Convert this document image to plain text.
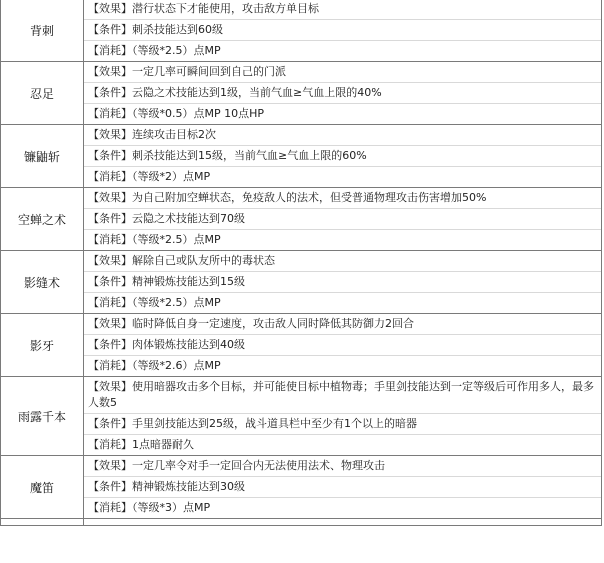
背刺	【效果】潜行状态下才能使用，攻击敌方单目标
【条件】刺杀技能达到60级
【消耗】（等级*2.5）点MP

忍足	【效果】一定几率可瞬间回到自己的门派
【条件】云隐之术技能达到1级，当前气血≥气血上限的40%
【消耗】（等级*0.5）点MP 10点HP

镰鼬斩	【效果】连续攻击目标2次
【条件】刺杀技能达到15级，当前气血≥气血上限的60%
【消耗】（等级*2）点MP

空蝉之术	【效果】为自己附加空蝉状态，免疫敌人的法术，但受普通物理攻击伤害增加50%
【条件】云隐之术技能达到70级
【消耗】（等级*2.5）点MP

影缝术	【效果】解除自己或队友所中的毒状态
【条件】精神锻炼技能达到15级
【消耗】（等级*2.5）点MP

影牙	【效果】临时降低自身一定速度，攻击敌人同时降低其防御力2回合
【条件】肉体锻炼技能达到40级
【消耗】（等级*2.6）点MP

雨露千本	【效果】使用暗器攻击多个目标，并可能使目标中植物毒；手里剑技能达到一定等级后可作用多人，最多人数5
【条件】手里剑技能达到25级，战斗道具栏中至少有1个以上的暗器
【消耗】1点暗器耐久

魔笛	【效果】一定几率令对手一定回合内无法使用法术、物理攻击
【条件】精神锻炼技能达到30级
【消耗】（等级*3）点MP
